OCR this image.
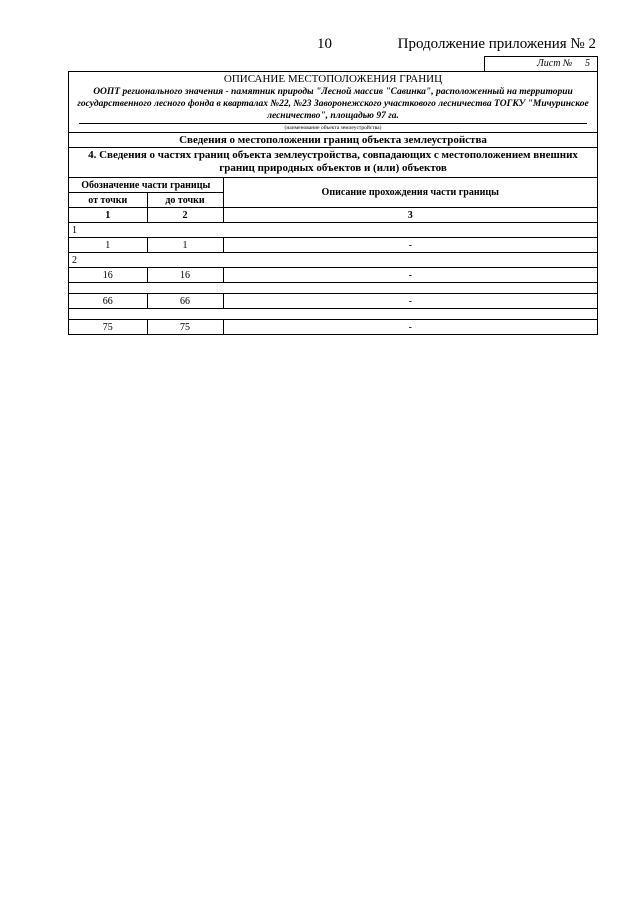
10	Продолжение приложения № 2
Лист № 5
ОПИСАНИЕ МЕСТОПОЛОЖЕНИЯ ГРАНИЦ
ООПТ регионального значения - памятник природы "Лесной массив "Савинка", расположенный на территории государственного лесного фонда в кварталах №22, №23 Заворонежского участкового лесничества ТОГКУ "Мичуринское лесничество", площадью 97 га.
(наименование объекта землеустройства)
Сведения о местоположении границ объекта землеустройства
4. Сведения о частях границ объекта землеустройства, совпадающих с местоположением внешних границ природных объектов и (или) объектов
Обозначение части границы		Описание прохождения части границы
от точки	до точки	
1	2	3
1		
1	1	-
2		
16	16	-

66	66	-

75	75	-
